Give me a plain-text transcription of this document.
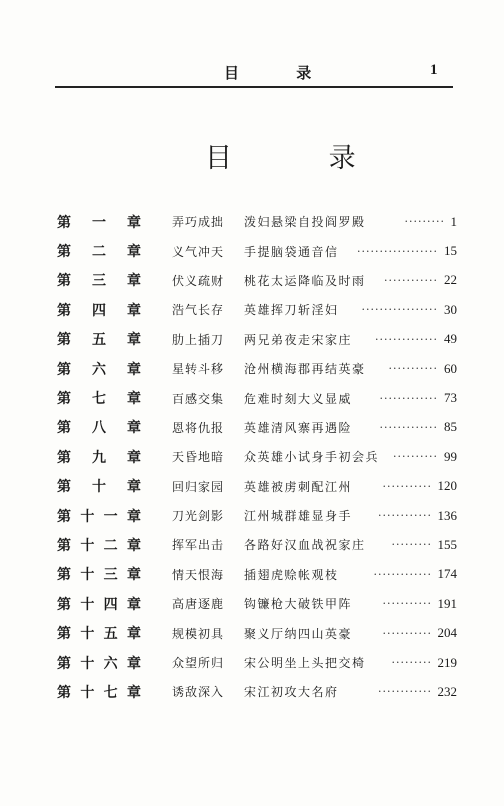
目 录	1
目 录
第 一 章	弄巧成拙	泼妇悬梁自投阎罗殿	········· 1
第 二 章	义气冲天	手提脑袋通音信	·················· 15
第 三 章	伏义疏财	桃花太运降临及时雨	············ 22
第 四 章	浩气长存	英雄挥刀斩淫妇	················· 30
第 五 章	肋上插刀	两兄弟夜走宋家庄	·············· 49
第 六 章	星转斗移	沧州横海郡再结英豪	··········· 60
第 七 章	百感交集	危难时刻大义显威	············· 73
第 八 章	恩将仇报	英雄清风寨再遇险	············· 85
第 九 章	天昏地暗	众英雄小试身手初会兵	·········· 99
第 十 章	回归家园	英雄被虏刺配江州	··········· 120
第 十 一 章	刀光剑影	江州城群雄显身手	············ 136
第 十 二 章	挥军出击	各路好汉血战祝家庄	········· 155
第 十 三 章	情天恨海	插翅虎赊帐观枝	············· 174
第 十 四 章	高唐逐鹿	钩镰枪大破铁甲阵	··········· 191
第 十 五 章	规模初具	聚义厅纳四山英豪	··········· 204
第 十 六 章	众望所归	宋公明坐上头把交椅	········· 219
第 十 七 章	诱敌深入	宋江初攻大名府	············ 232
